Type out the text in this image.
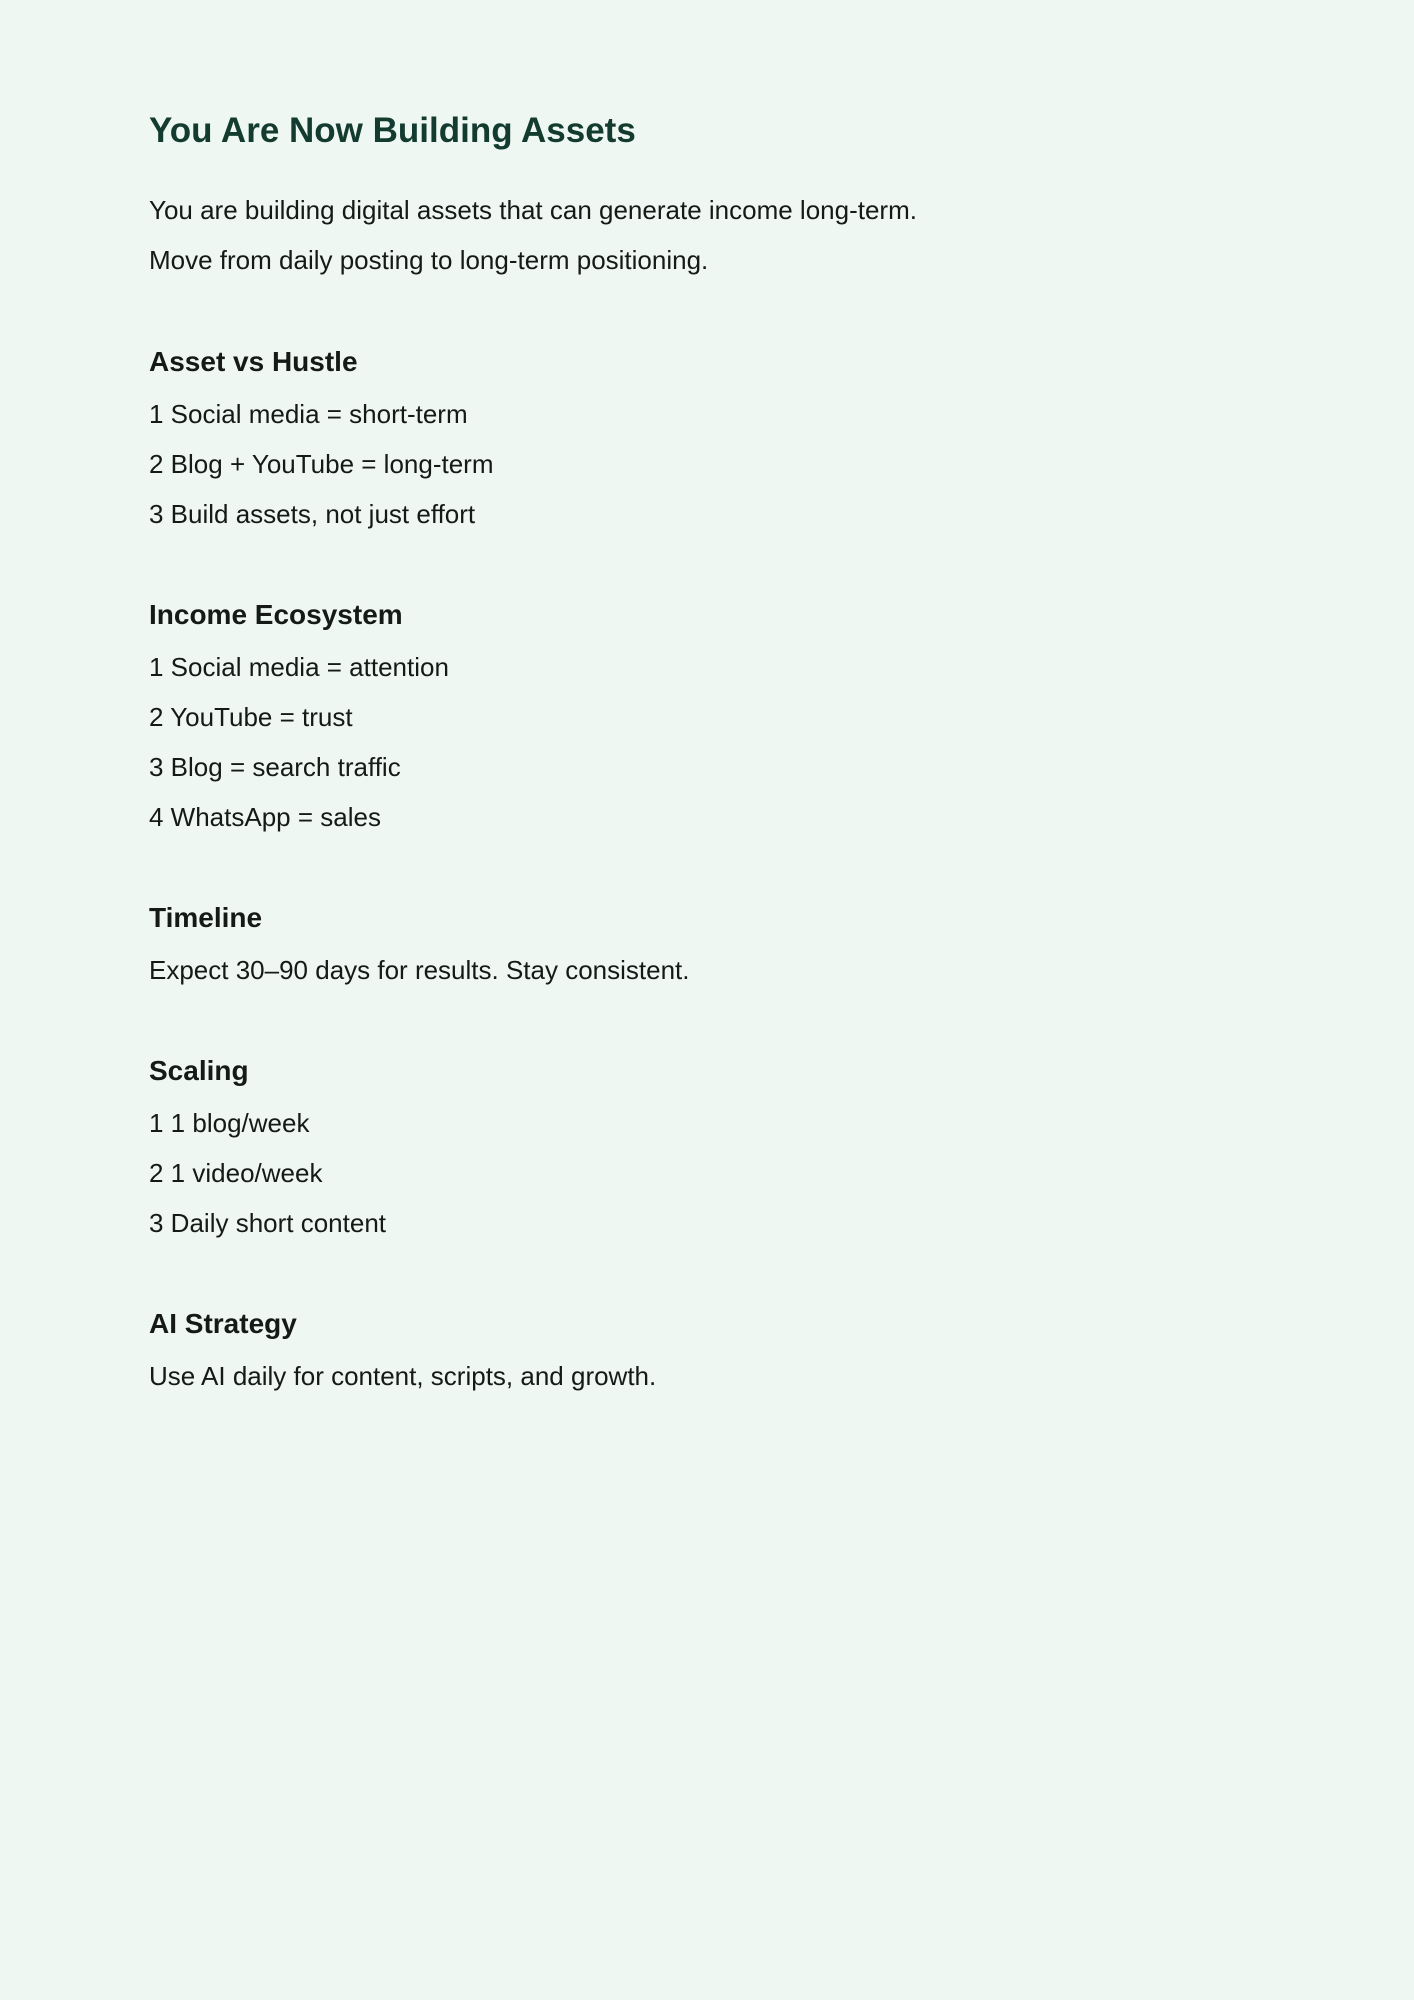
You Are Now Building Assets

You are building digital assets that can generate income long-term.

Move from daily posting to long-term positioning.

Asset vs Hustle

1 Social media = short-term

2 Blog + YouTube = long-term

3 Build assets, not just effort

Income Ecosystem

1 Social media = attention

2 YouTube = trust

3 Blog = search traffic

4 WhatsApp = sales

Timeline

Expect 30–90 days for results. Stay consistent.

Scaling

1 1 blog/week

2 1 video/week

3 Daily short content

AI Strategy

Use AI daily for content, scripts, and growth.
